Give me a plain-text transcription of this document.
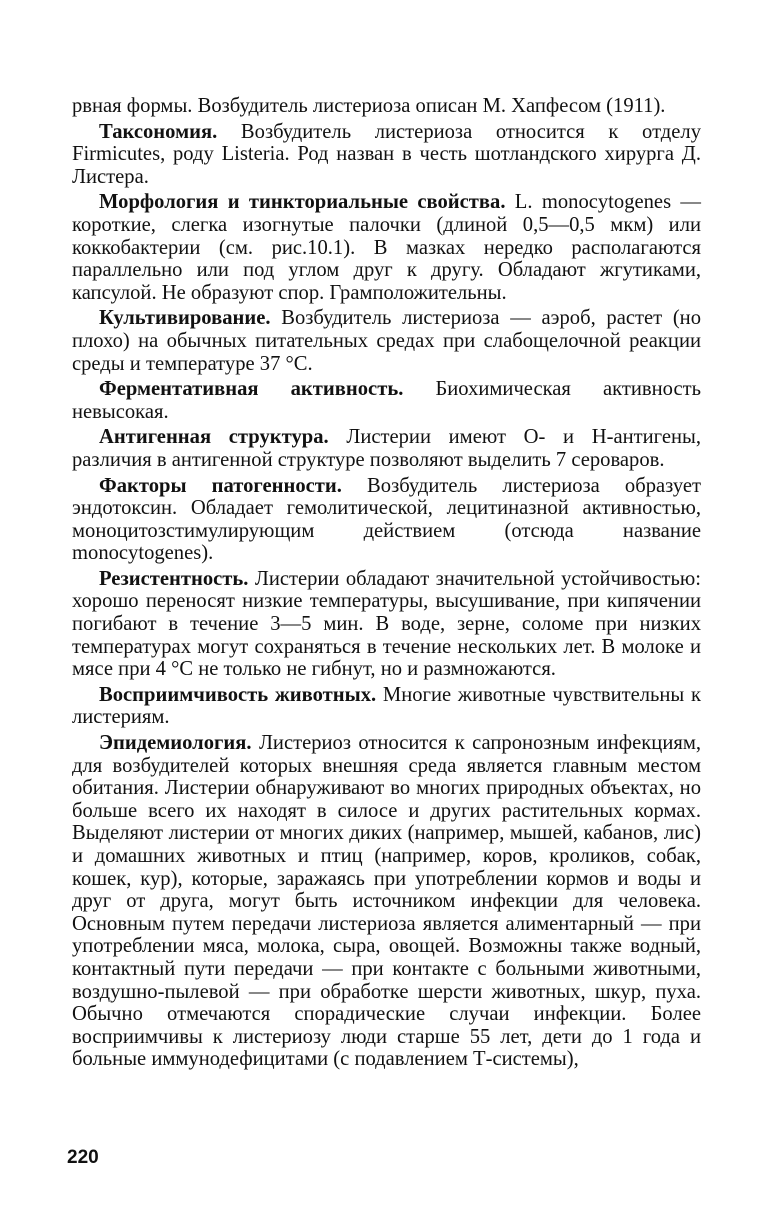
рвная формы. Возбудитель листериоза описан М. Хапфесом (1911).

Таксономия. Возбудитель листериоза относится к отделу Firmicutes, роду Listeria. Род назван в честь шотландского хирурга Д. Листера.

Морфология и тинкториальные свойства. L. monocytogenes — короткие, слегка изогнутые палочки (длиной 0,5—0,5 мкм) или коккобактерии (см. рис.10.1). В мазках нередко располагаются параллельно или под углом друг к другу. Обладают жгутиками, капсулой. Не образуют спор. Грамположительны.

Культивирование. Возбудитель листериоза — аэроб, растет (но плохо) на обычных питательных средах при слабощелочной реакции среды и температуре 37 °С.

Ферментативная активность. Биохимическая активность невысокая.

Антигенная структура. Листерии имеют О- и Н-антигены, различия в антигенной структуре позволяют выделить 7 сероваров.

Факторы патогенности. Возбудитель листериоза образует эндотоксин. Обладает гемолитической, лецитиназной активностью, моноцитозстимулирующим действием (отсюда название monocytogenes).

Резистентность. Листерии обладают значительной устойчивостью: хорошо переносят низкие температуры, высушивание, при кипячении погибают в течение 3—5 мин. В воде, зерне, соломе при низких температурах могут сохраняться в течение нескольких лет. В молоке и мясе при 4 °С не только не гибнут, но и размножаются.

Восприимчивость животных. Многие животные чувствительны к листериям.

Эпидемиология. Листериоз относится к сапронозным инфекциям, для возбудителей которых внешняя среда является главным местом обитания. Листерии обнаруживают во многих природных объектах, но больше всего их находят в силосе и других растительных кормах. Выделяют листерии от многих диких (например, мышей, кабанов, лис) и домашних животных и птиц (например, коров, кроликов, собак, кошек, кур), которые, заражаясь при употреблении кормов и воды и друг от друга, могут быть источником инфекции для человека. Основным путем передачи листериоза является алиментарный — при употреблении мяса, молока, сыра, овощей. Возможны также водный, контактный пути передачи — при контакте с больными животными, воздушно-пылевой — при обработке шерсти животных, шкур, пуха. Обычно отмечаются спорадические случаи инфекции. Более восприимчивы к листериозу люди старше 55 лет, дети до 1 года и больные иммунодефицитами (с подавлением Т-системы),

220
